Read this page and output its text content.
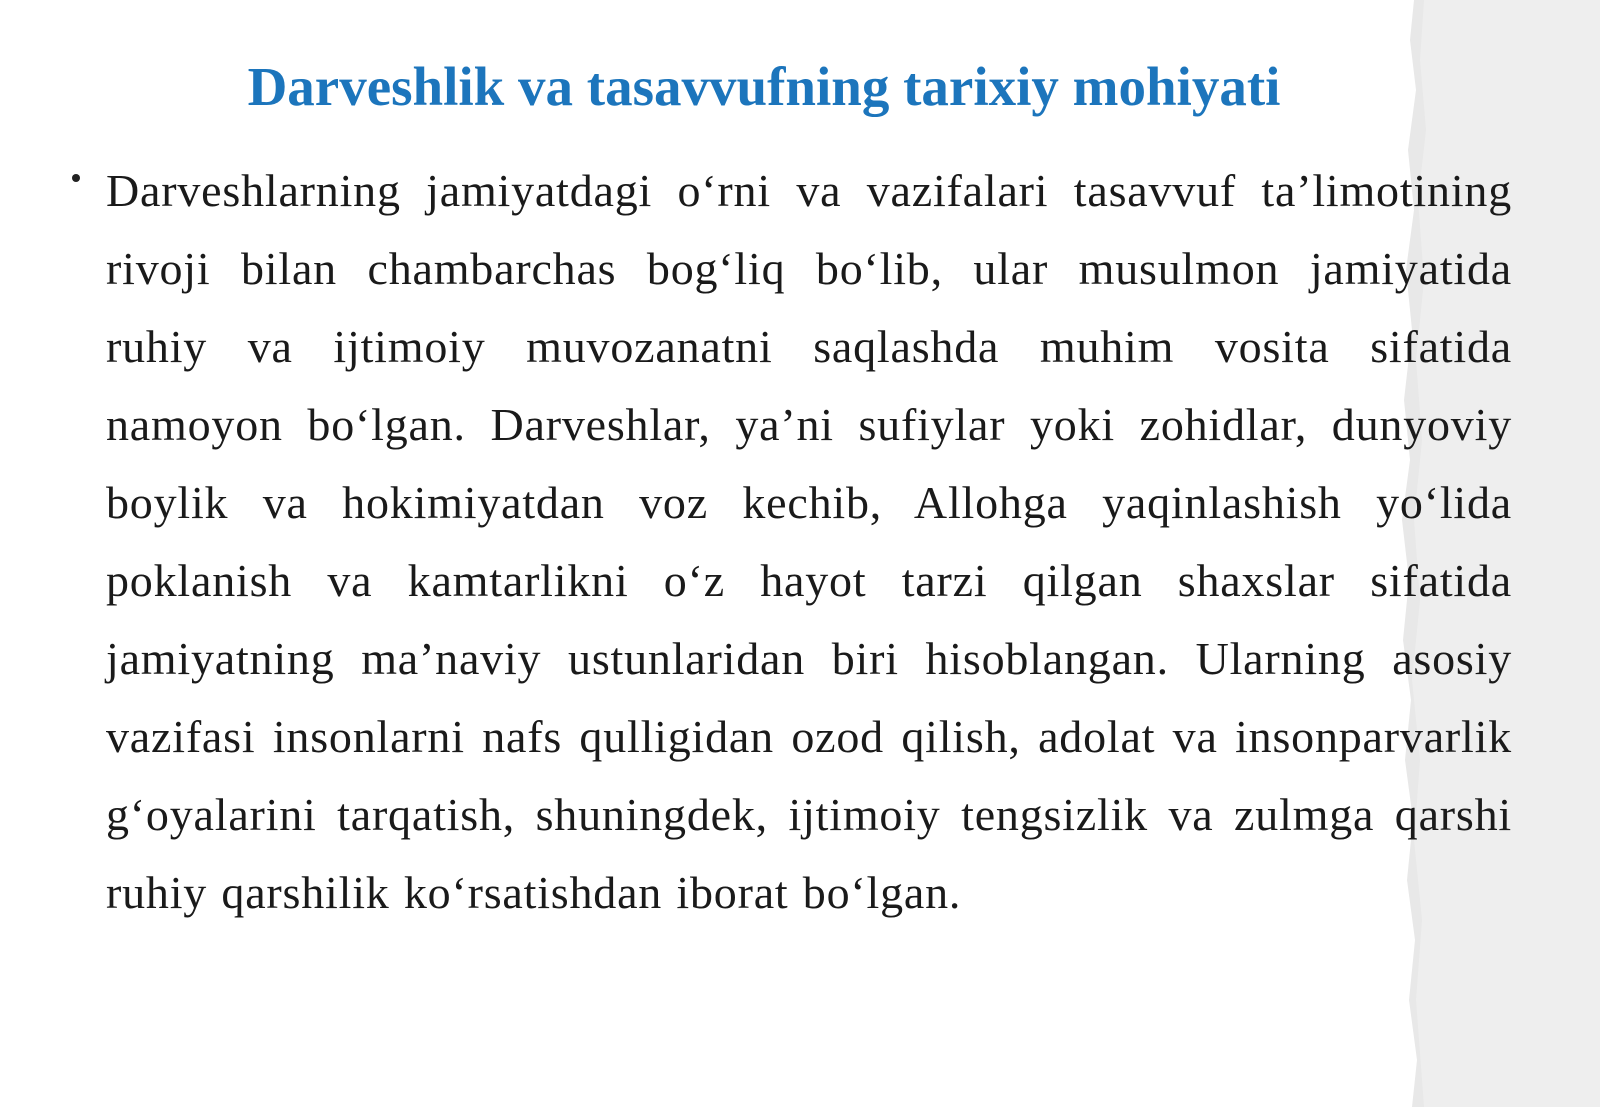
Darveshlik va tasavvufning tarixiy mohiyati

Darveshlarning jamiyatdagi o‘rni va vazifalari tasavvuf ta’limotining rivoji bilan chambarchas bog‘liq bo‘lib, ular musulmon jamiyatida ruhiy va ijtimoiy muvozanatni saqlashda muhim vosita sifatida namoyon bo‘lgan. Darveshlar, ya’ni sufiylar yoki zohidlar, dunyoviy boylik va hokimiyatdan voz kechib, Allohga yaqinlashish yo‘lida poklanish va kamtarlikni o‘z hayot tarzi qilgan shaxslar sifatida jamiyatning ma’naviy ustunlaridan biri hisoblangan. Ularning asosiy vazifasi insonlarni nafs qulligidan ozod qilish, adolat va insonparvarlik g‘oyalarini tarqatish, shuningdek, ijtimoiy tengsizlik va zulmga qarshi ruhiy qarshilik ko‘rsatishdan iborat bo‘lgan.
